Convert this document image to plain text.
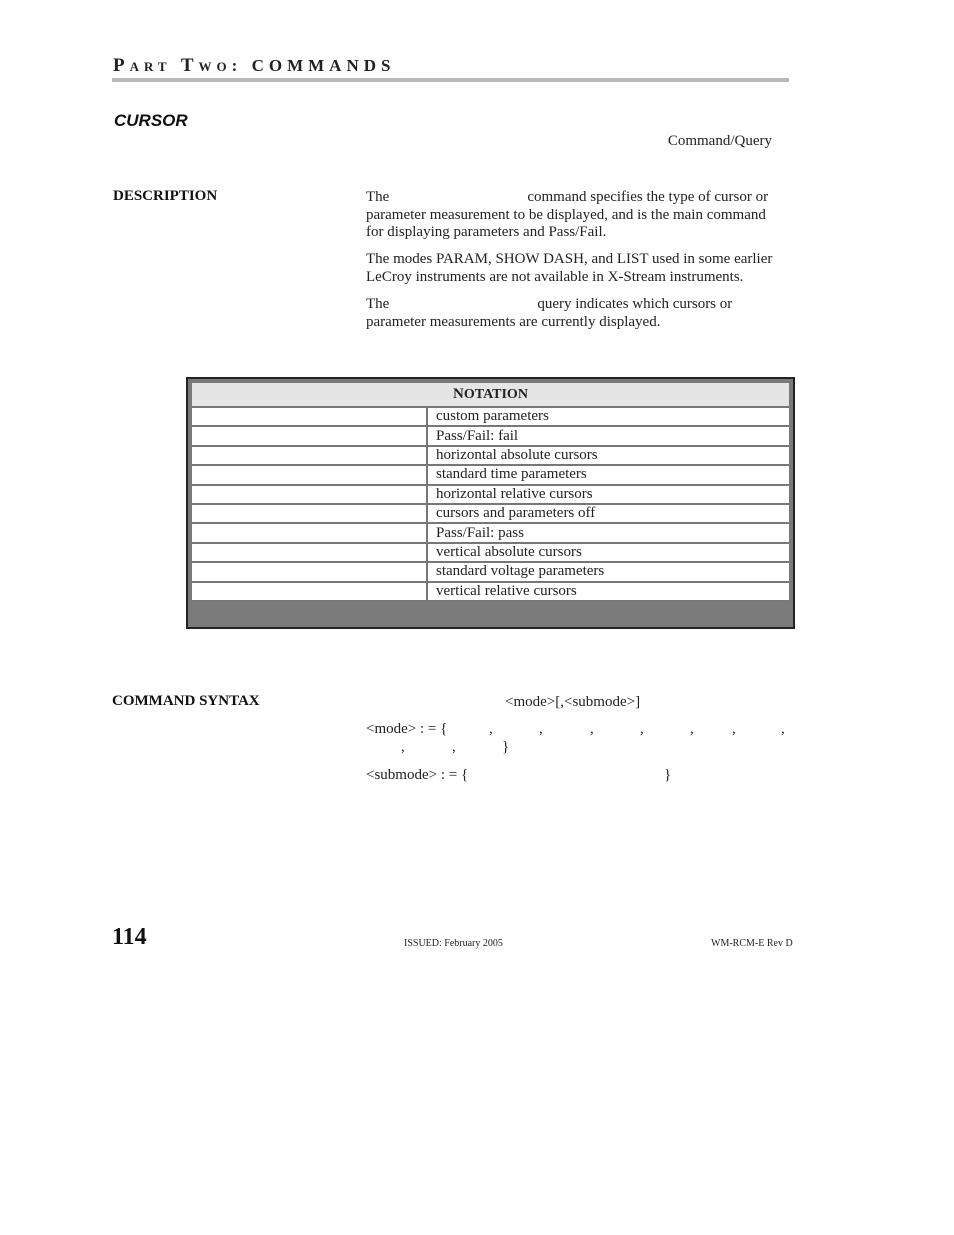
PART TWO: COMMANDS
CURSOR
Command/Query
DESCRIPTION	The	command specifies the type of cursor or parameter measurement to be displayed, and is the main command for displaying parameters and Pass/Fail.
The modes PARAM, SHOW DASH, and LIST used in some earlier LeCroy instruments are not available in X-Stream instruments.
The	query indicates which cursors or parameter measurements are currently displayed.
NOTATION	
	custom parameters
	Pass/Fail: fail
	horizontal absolute cursors
	standard time parameters
	horizontal relative cursors
	cursors and parameters off
	Pass/Fail: pass
	vertical absolute cursors
	standard voltage parameters
	vertical relative cursors
COMMAND SYNTAX	<mode>[,<submode>]
<mode> : = {	,	,	,	,	,	,	,
,	,	}
<submode> : = {	}
114	ISSUED: February 2005	WM-RCM-E Rev D
